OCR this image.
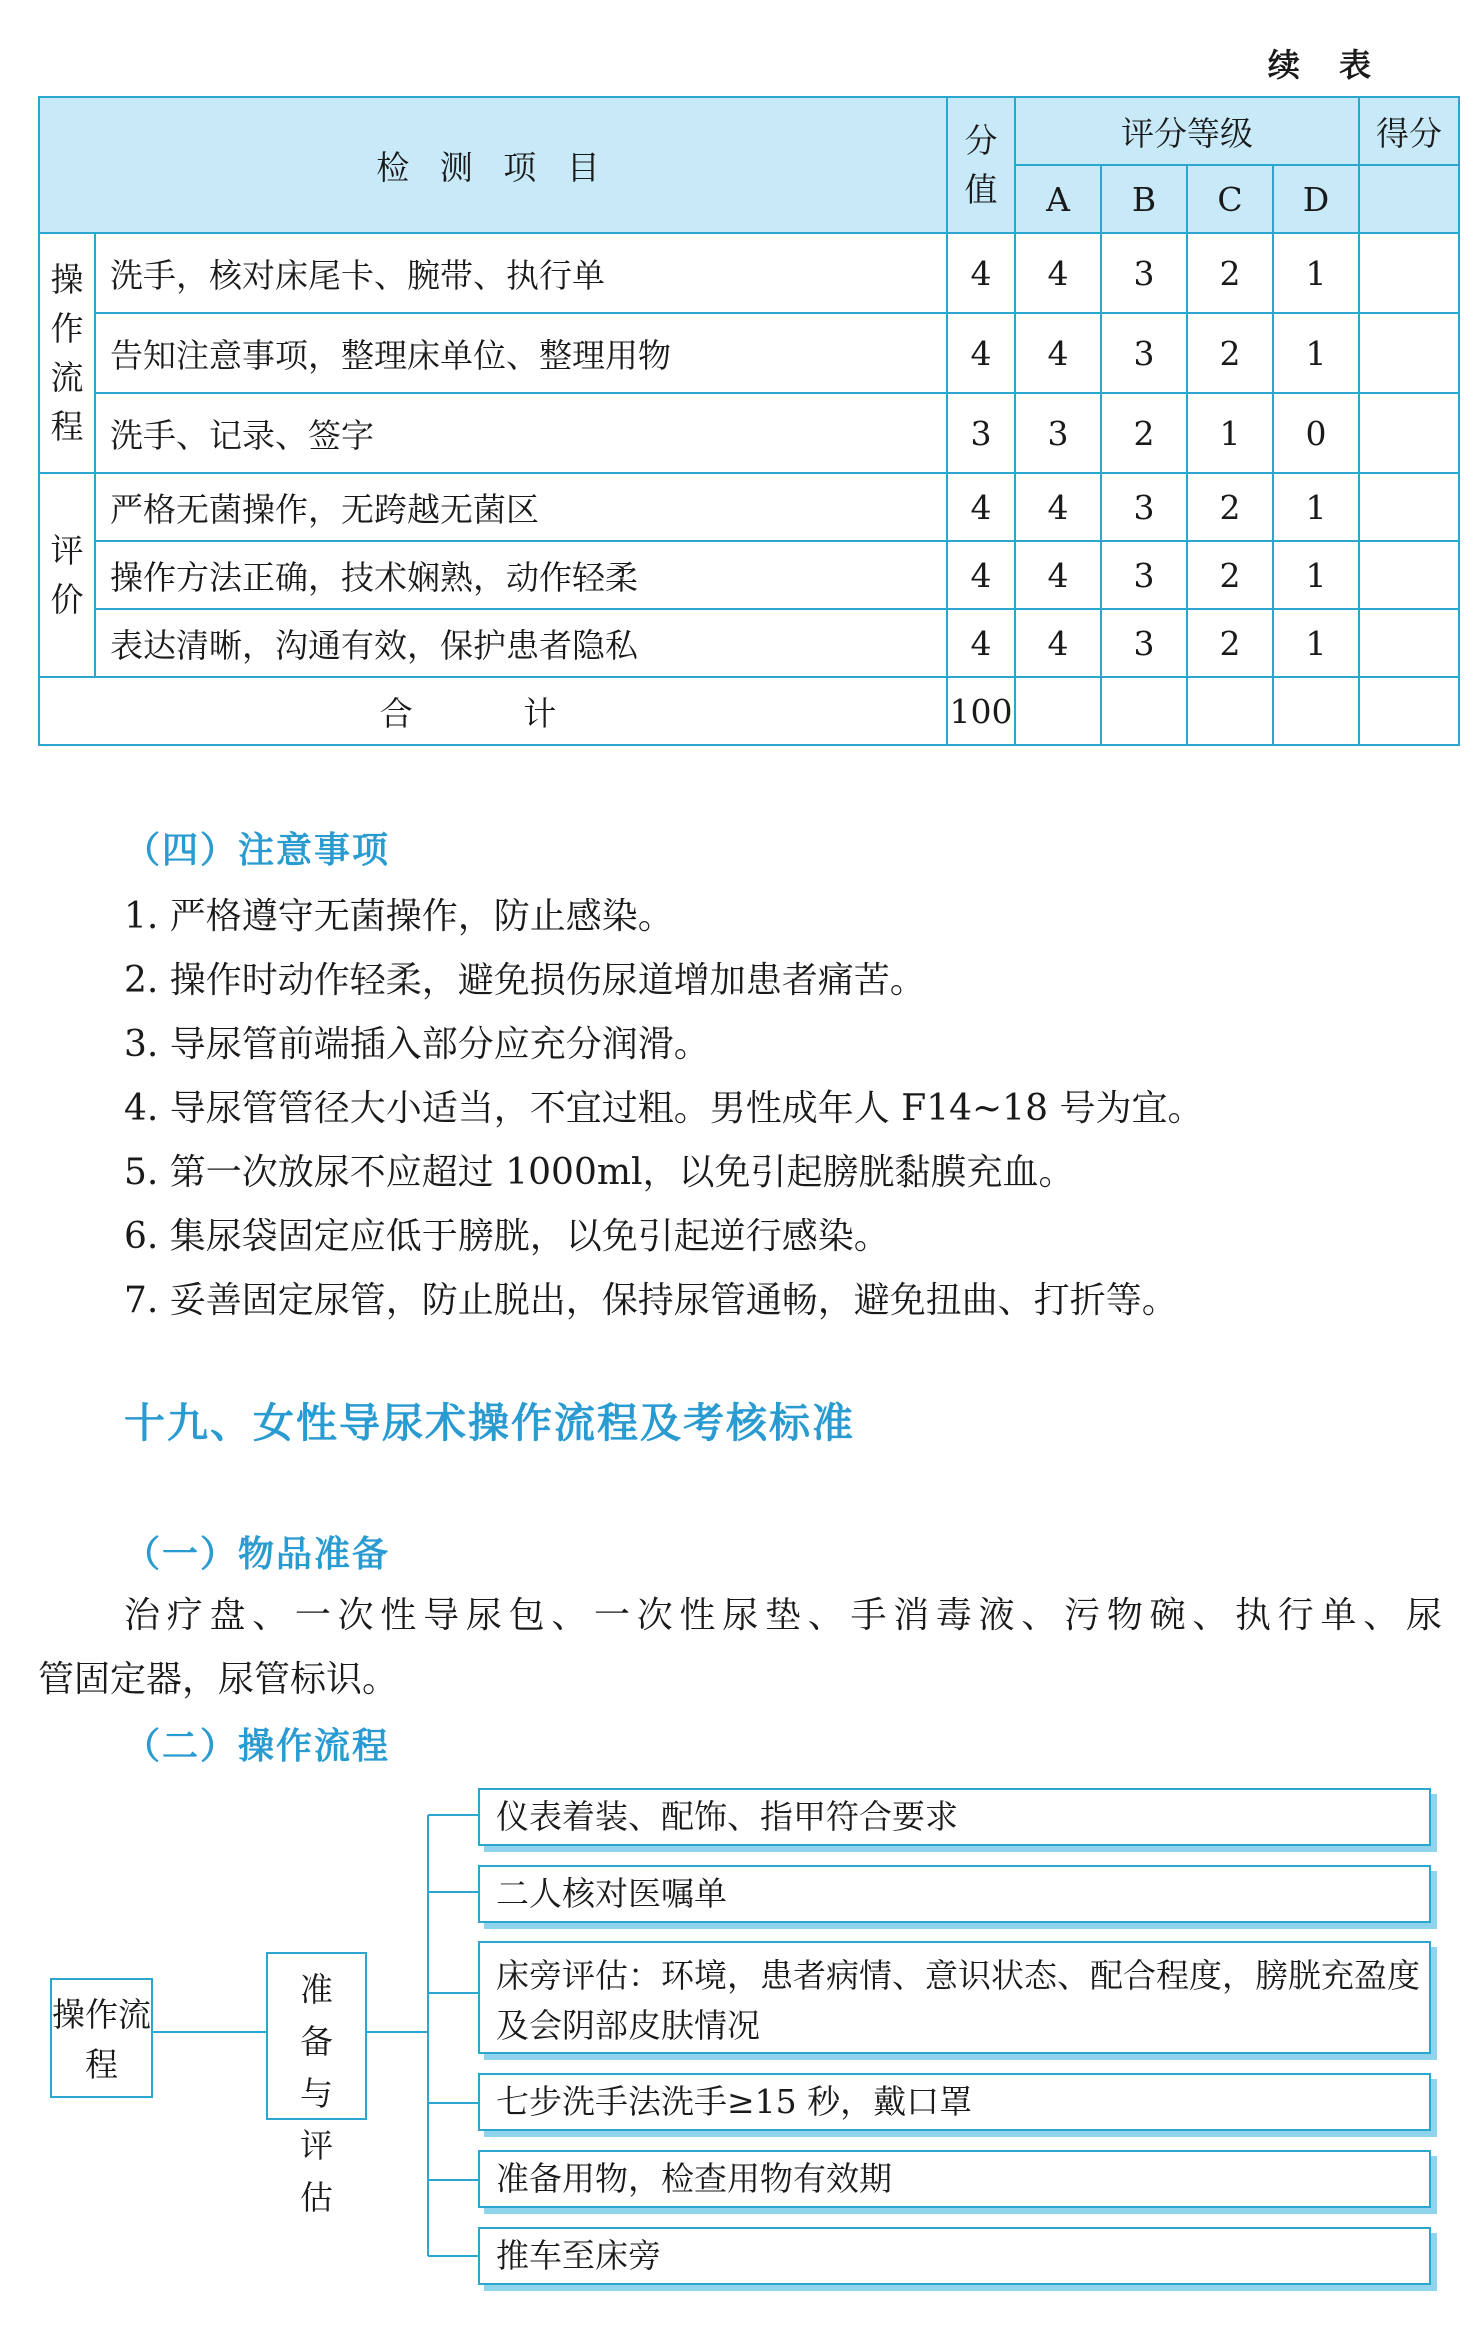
续 表
检 测 项 目		分 值	评分等级				得分
			A	B	C	D	
操作流程	洗手，核对床尾卡、腕带、执行单	4	4	3	2	1	
	告知注意事项，整理床单位、整理用物	4	4	3	2	1	
	洗手、记录、签字	3	3	2	1	0	
评价	严格无菌操作，无跨越无菌区	4	4	3	2	1	
	操作方法正确，技术娴熟，动作轻柔	4	4	3	2	1	
	表达清晰，沟通有效，保护患者隐私	4	4	3	2	1	
合 计		100					
（四）注意事项
1. 严格遵守无菌操作，防止感染。
2. 操作时动作轻柔，避免损伤尿道增加患者痛苦。
3. 导尿管前端插入部分应充分润滑。
4. 导尿管管径大小适当，不宜过粗。男性成年人 F14~18 号为宜。
5. 第一次放尿不应超过 1000ml，以免引起膀胱黏膜充血。
6. 集尿袋固定应低于膀胱，以免引起逆行感染。
7. 妥善固定尿管，防止脱出，保持尿管通畅，避免扭曲、打折等。
十九、女性导尿术操作流程及考核标准
（一）物品准备
治疗盘、一次性导尿包、一次性尿垫、手消毒液、污物碗、执行单、尿
管固定器，尿管标识。
（二）操作流程
操作流程
准备与评估
仪表着装、配饰、指甲符合要求
二人核对医嘱单
床旁评估：环境，患者病情、意识状态、配合程度，膀胱充盈度及会阴部皮肤情况
七步洗手法洗手≥15 秒，戴口罩
准备用物，检查用物有效期
推车至床旁
